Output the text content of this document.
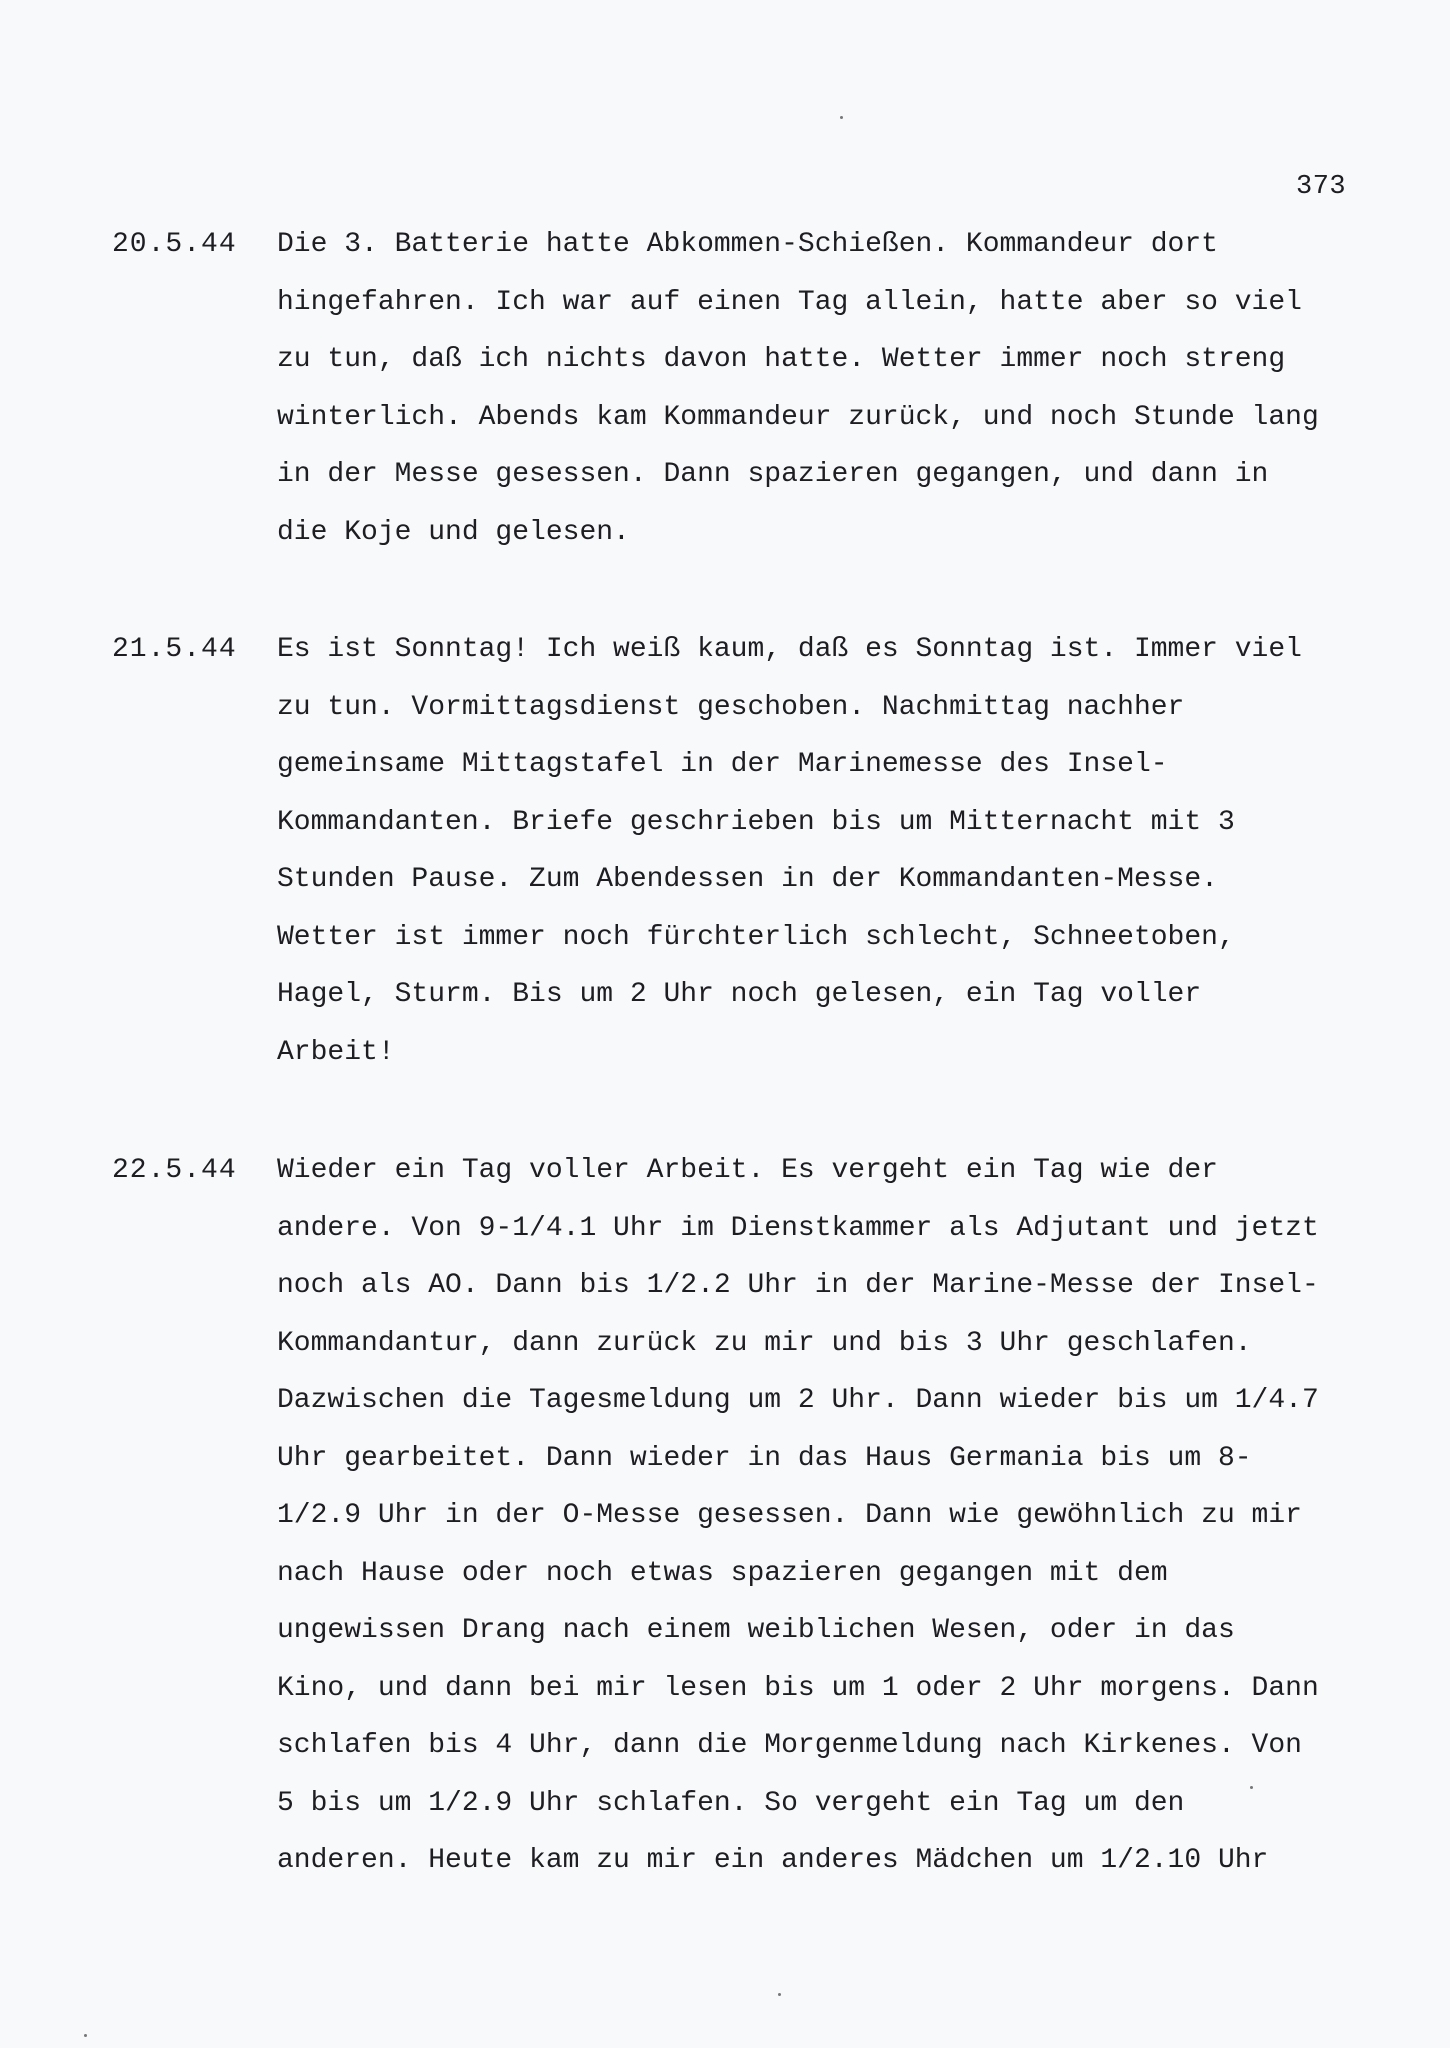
373
20.5.44 Die 3. Batterie hatte Abkommen-Schießen. Kommandeur dort
hingefahren. Ich war auf einen Tag allein, hatte aber so viel
zu tun, daß ich nichts davon hatte. Wetter immer noch streng
winterlich. Abends kam Kommandeur zurück, und noch Stunde lang
in der Messe gesessen. Dann spazieren gegangen, und dann in
die Koje und gelesen.
21.5.44 Es ist Sonntag! Ich weiß kaum, daß es Sonntag ist. Immer viel
zu tun. Vormittagsdienst geschoben. Nachmittag nachher
gemeinsame Mittagstafel in der Marinemesse des Insel-
Kommandanten. Briefe geschrieben bis um Mitternacht mit 3
Stunden Pause. Zum Abendessen in der Kommandanten-Messe.
Wetter ist immer noch fürchterlich schlecht, Schneetoben,
Hagel, Sturm. Bis um 2 Uhr noch gelesen, ein Tag voller
Arbeit!
22.5.44 Wieder ein Tag voller Arbeit. Es vergeht ein Tag wie der
andere. Von 9-1/4.1 Uhr im Dienstkammer als Adjutant und jetzt
noch als AO. Dann bis 1/2.2 Uhr in der Marine-Messe der Insel-
Kommandantur, dann zurück zu mir und bis 3 Uhr geschlafen.
Dazwischen die Tagesmeldung um 2 Uhr. Dann wieder bis um 1/4.7
Uhr gearbeitet. Dann wieder in das Haus Germania bis um 8-
1/2.9 Uhr in der O-Messe gesessen. Dann wie gewöhnlich zu mir
nach Hause oder noch etwas spazieren gegangen mit dem
ungewissen Drang nach einem weiblichen Wesen, oder in das
Kino, und dann bei mir lesen bis um 1 oder 2 Uhr morgens. Dann
schlafen bis 4 Uhr, dann die Morgenmeldung nach Kirkenes. Von
5 bis um 1/2.9 Uhr schlafen. So vergeht ein Tag um den
anderen. Heute kam zu mir ein anderes Mädchen um 1/2.10 Uhr
